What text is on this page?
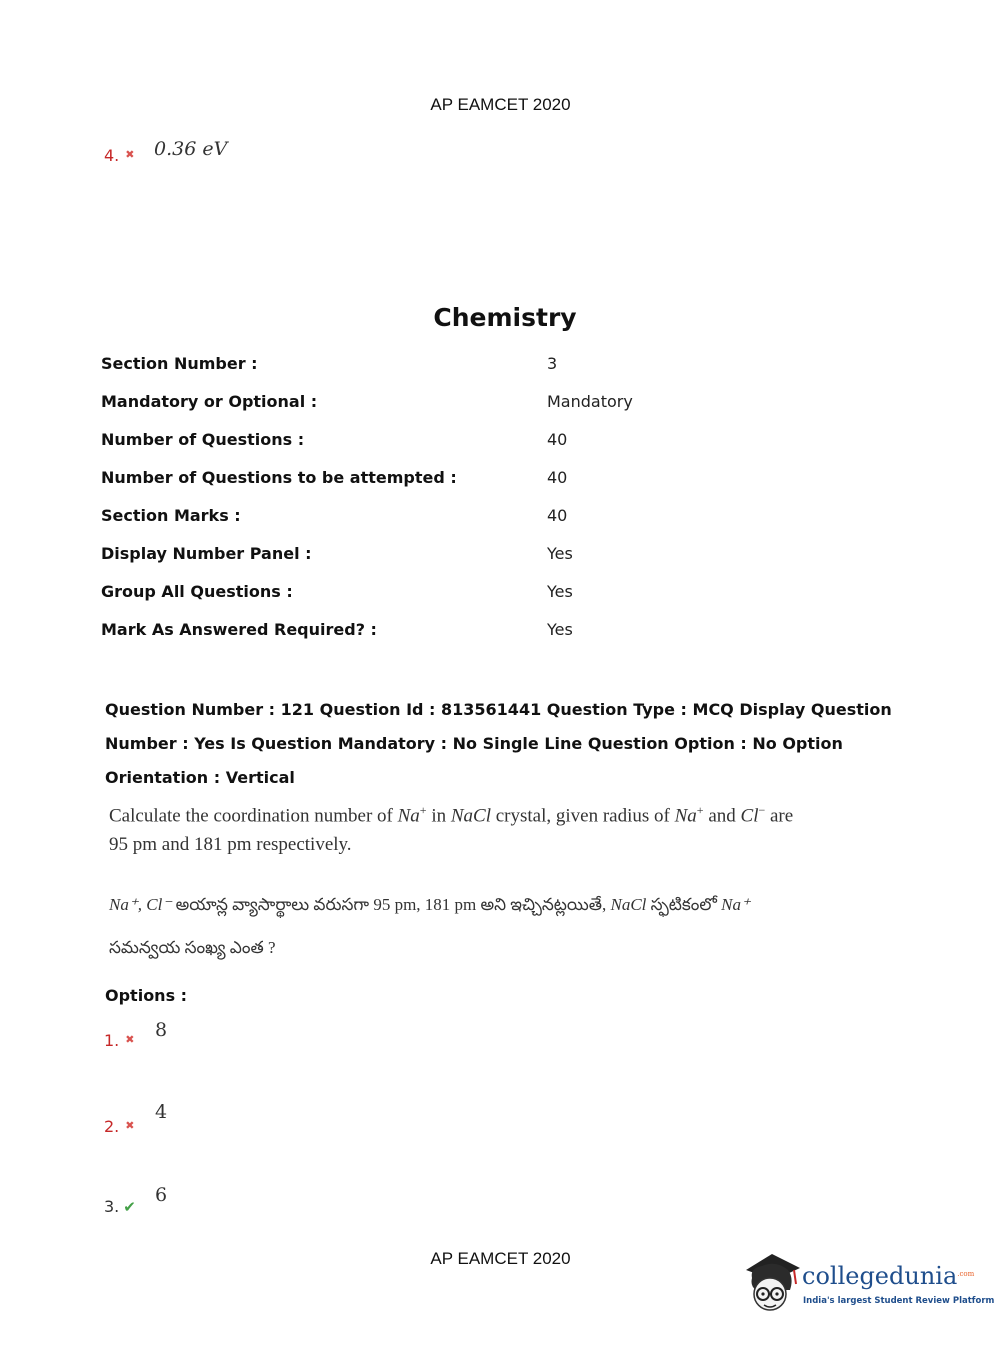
AP EAMCET 2020
4. ✖ 0.36 eV
Chemistry
Section Number :	3
Mandatory or Optional :	Mandatory
Number of Questions :	40
Number of Questions to be attempted :	40
Section Marks :	40
Display Number Panel :	Yes
Group All Questions :	Yes
Mark As Answered Required? :	Yes
Question Number : 121 Question Id : 813561441 Question Type : MCQ Display Question
Number : Yes Is Question Mandatory : No Single Line Question Option : No Option
Orientation : Vertical
Calculate the coordination number of Na+ in NaCl crystal, given radius of Na+ and Cl− are
95 pm and 181 pm respectively.
Na⁺, Cl⁻ అయాన్ల వ్యాసార్థాలు వరుసగా 95 pm, 181 pm అని ఇచ్చినట్లయితే, NaCl స్ఫటికంలో Na⁺
సమన్వయ సంఖ్య ఎంత ?
Options :
1. ✖ 8
2. ✖
4
3. ✔
6
AP EAMCET 2020
collegedunia$^{.com}$
India's largest Student Review Platform
